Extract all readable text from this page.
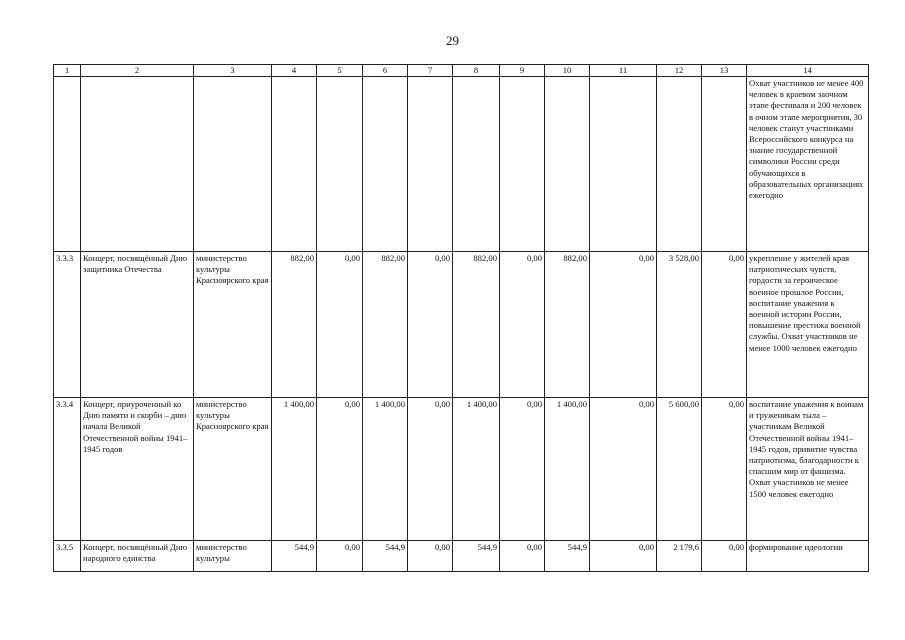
29
1	2	3	4	5	6	7	8	9	10	11	12	13	14
													Охват участников не менее 400 человек в краевом заочном этапе фестиваля и 200 человек в очном этапе мероприятия, 30 человек станут участниками Всероссийского конкурса на знание государственной символики России среди обучающихся в образовательных организациях ежегодно
3.3.3	Концерт, посвящённый Дню защитника Отечества	министерство культуры Красноярского края	882,00	0,00	882,00	0,00	882,00	0,00	882,00	0,00	3 528,00	0,00	укрепление у жителей края патриотических чувств, гордости за героическое военное прошлое России, воспитание уважения к военной истории России, повышение престижа военной службы. Охват участников не менее 1000 человек ежегодно
3.3.4	Концерт, приуроченный ко Дню памяти и скорби – дню начала Великой Отечественной войны 1941–1945 годов	министерство культуры Красноярского края	1 400,00	0,00	1 400,00	0,00	1 400,00	0,00	1 400,00	0,00	5 600,00	0,00	воспитание уважения к воинам и труженикам тыла – участникам Великой Отечественной войны 1941–1945 годов, привитие чувства патриотизма, благодарности к спасшим мир от фашизма. Охват участников не менее 1500 человек ежегодно
3.3.5	Концерт, посвящённый Дню народного единства	министерство культуры	544,9	0,00	544,9	0,00	544,9	0,00	544,9	0,00	2 179,6	0,00	формирование идеологии
